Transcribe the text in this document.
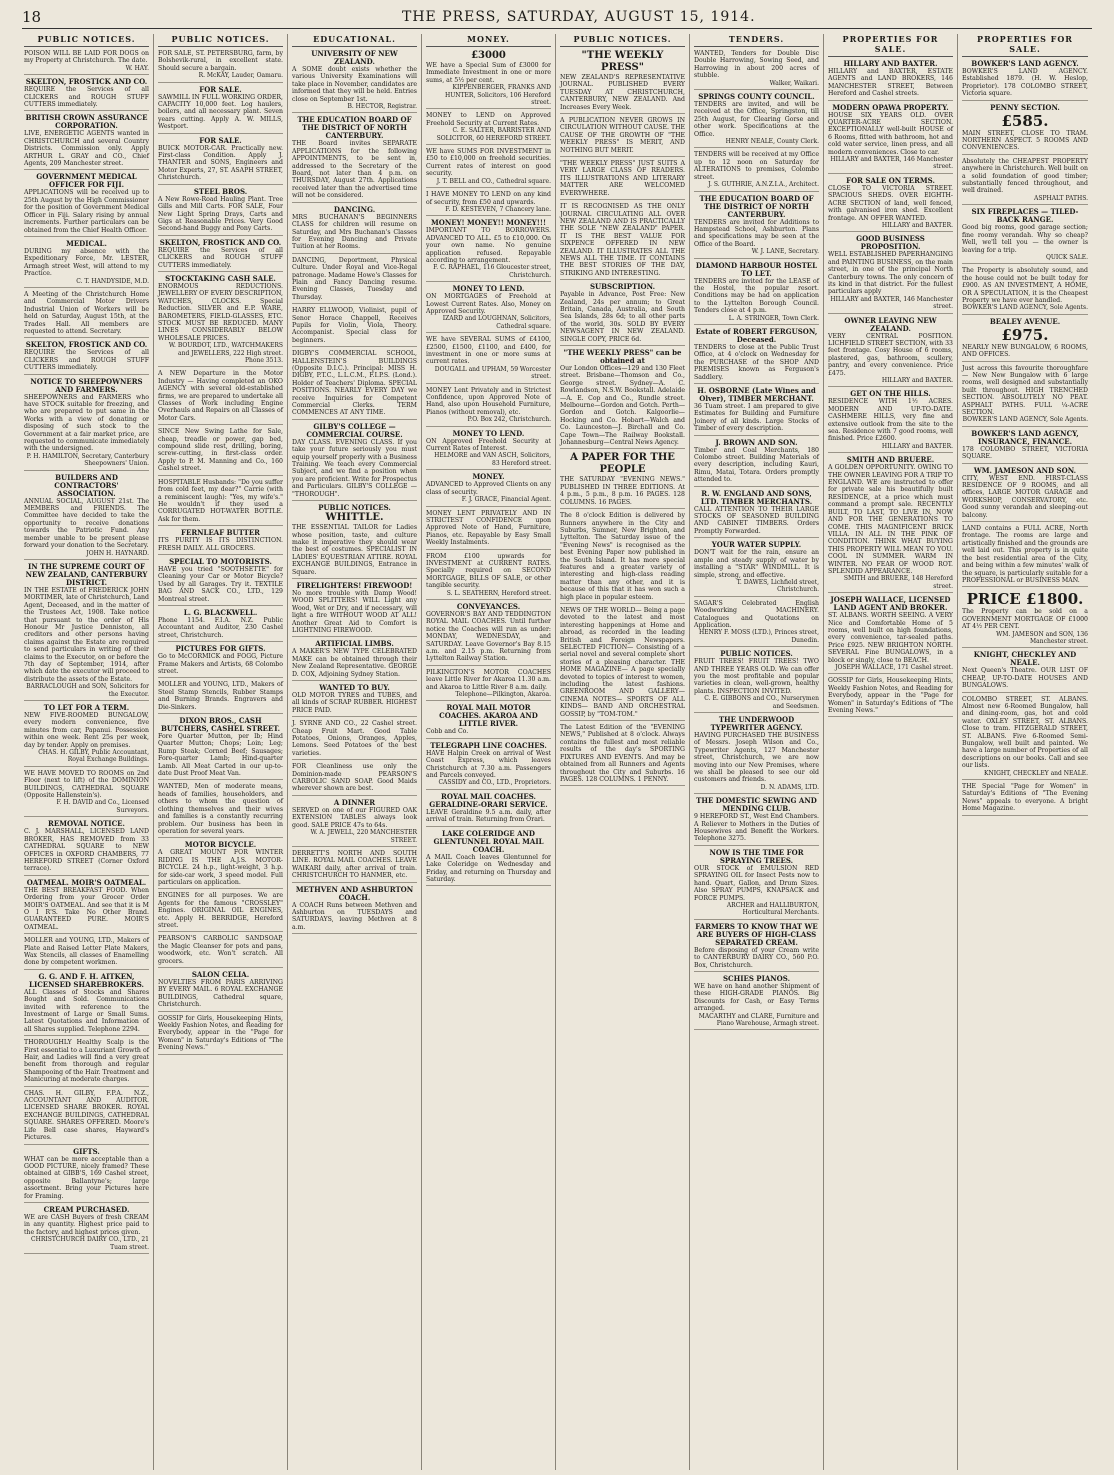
18	THE PRESS, SATURDAY, AUGUST 15, 1914.
PUBLIC NOTICES.
POISON WILL BE LAID FOR DOGS on my Property at Christchurch. The date.
W. HAY.
SKELTON, FROSTICK AND CO.
REQUIRE the Services of all CLICKERS and ROUGH STUFF CUTTERS immediately.
BRITISH CROWN ASSURANCE CORPORATION.
LIVE, ENERGETIC AGENTS wanted in CHRISTCHURCH and several Country Districts. Commission only. Apply ARTHUR L. GRAY and CO., Chief Agents, 209 Manchester street.
GOVERNMENT MEDICAL OFFICER FOR FIJI.
APPLICATIONS will be received up to 25th August by the High Commissioner for the position of Government Medical Officer in Fiji. Salary rising by annual increments. Further particulars can be obtained from the Chief Health Officer.
MEDICAL.
DURING my absence with the Expeditionary Force, Mr. LESTER, Armagh street West, will attend to my Practice.
C. T. HANDYSIDE, M.D.
A Meeting of the Christchurch Home and Commercial Motor Drivers Industrial Union of Workers will be held on Saturday, August 15th, at the Trades Hall. All members are requested to attend. Secretary.
SKELTON, FROSTICK AND CO.
REQUIRE the Services of all CLICKERS and ROUGH STUFF CUTTERS immediately.
NOTICE TO SHEEPOWNERS AND FARMERS.
SHEEPOWNERS and FARMERS who have STOCK suitable for freezing, and who are prepared to put same in the Works with a view of donating or disposing of such stock to the Government at a fair market price, are requested to communicate immediately with the undersigned.
P. H. HAMILTON, Secretary, Canterbury Sheepowners' Union.
BUILDERS AND CONTRACTORS' ASSOCIATION.
ANNUAL SOCIAL, AUGUST 21st. The MEMBERS and FRIENDS. The Committee have decided to take the opportunity to receive donations towards the Patriotic Fund. Any member unable to be present please forward your donation to the Secretary.
JOHN H. HAYNARD.
IN THE SUPREME COURT OF NEW ZEALAND, CANTERBURY DISTRICT.
IN THE ESTATE of FREDERICK JOHN MORTIMER, late of Christchurch, Land Agent, Deceased, and in the matter of the Trustees Act, 1908. Take notice that pursuant to the order of His Honour Mr Justice Denniston, all creditors and other persons having claims against the Estate are required to send particulars in writing of their claims to the Executor, on or before the 7th day of September, 1914, after which date the executor will proceed to distribute the assets of the Estate.
BARRACLOUGH and SON, Solicitors for the Executor.
TO LET FOR A TERM.
NEW FIVE-ROOMED BUNGALOW, every modern convenience, five minutes from car, Papanui. Possession within one week. Rent 25s per week, day by tender. Apply on premises.
CHAS. H. GILBY, Public Accountant, Royal Exchange Buildings.
WE HAVE MOVED TO ROOMS on 2nd Floor (next to lift) of the DOMINION BUILDINGS, CATHEDRAL SQUARE (Opposite Hallenstein's).
F. H. DAVID and Co., Licensed Surveyors.
REMOVAL NOTICE.
C. J. MARSHALL, LICENSED LAND BROKER, HAS REMOVED from 33 CATHEDRAL SQUARE to NEW OFFICES in OXFORD CHAMBERS, 77 HEREFORD STREET (Corner Oxford terrace).
OATMEAL. MOIR'S OATMEAL.
THE BEST BREAKFAST FOOD. When Ordering from your Grocer Order MOIR'S OATMEAL. And see that it is M O I R'S. Take No Other Brand. GUARANTEED PURE. MOIR'S OATMEAL.
MOLLER and YOUNG, LTD., Makers of Plate and Raised Letter Plate Makers, Wax Stencils, all classes of Enamelling done by competent workmen.
G. G. AND F. H. AITKEN, LICENSED SHAREBROKERS.
ALL Classes of Stocks and Shares Bought and Sold. Communications invited with reference to the Investment of Large or Small Sums. Latest Quotations and Information of all Shares supplied. Telephone 2294.
THOROUGHLY Healthy Scalp is the First essential to a Luxuriant Growth of Hair, and Ladies will find a very great benefit from thorough and regular Shampooing of the Hair. Treatment and Manicuring at moderate charges.
CHAS. H. GILBY, F.P.A. N.Z., ACCOUNTANT AND AUDITOR. LICENSED SHARE BROKER. ROYAL EXCHANGE BUILDINGS, CATHEDRAL SQUARE. SHARES OFFERED. Moore's Life Bell case shares, Hayward's Pictures.
GIFTS.
WHAT can be more acceptable than a GOOD PICTURE, nicely framed? These obtained at GIBB'S, 169 Cashel street, opposite Ballantyne's; large assortment. Bring your Pictures here for Framing.
CREAM PURCHASED.
WE are CASH Buyers of fresh CREAM in any quantity. Highest price paid to the factory, and highest prices given.
CHRISTCHURCH DAIRY CO., LTD., 21 Tuam street.
PUBLIC NOTICES.
FOR SALE, ST. PETERSBURG, farm, by Bolshevik-rural, in excellent state. Should secure a bargain.
R. McKAY, Lauder, Oamaru.
FOR SALE.
SAWMILL IN FULL WORKING ORDER, CAPACITY 10,000 feet. Log haulers, boilers, and all necessary plant. Seven years cutting. Apply A. W. MILLS, Westport.
FOR SALE.
BUICK MOTOR-CAR. Practically new. First-class Condition. Apply J. THANTER and SONS, Engineers and Motor Experts, 27, ST. ASAPH STREET, Christchurch.
STEEL BROS.
A New Rowe-Road Hauling Plant. Tree Gills and Mill Carts. FOR SALE, Four New Light Spring Drays, Carts and Gigs at Reasonable Prices. Very Good Second-hand Buggy and Pony Carts.
SKELTON, FROSTICK AND CO.
REQUIRE the Services of all CLICKERS and ROUGH STUFF CUTTERS immediately.
STOCKTAKING CASH SALE.
ENORMOUS REDUCTIONS. JEWELLERY OF EVERY DESCRIPTION, WATCHES, CLOCKS. Special Reduction. SILVER and E.P. WARE, BAROMETERS, FIELD-GLASSES, ETC. STOCK MUST BE REDUCED. MANY LINES CONSIDERABLY BELOW WHOLESALE PRICES.
W. BOURDOT, LTD., WATCHMAKERS and JEWELLERS, 222 High street. Phone 3513.
A NEW Departure in the Motor Industry — Having completed an OKO AGENCY with several old-established firms, we are prepared to undertake all Classes of Work including Engine Overhauls and Repairs on all Classes of Motor Cars.
SINCE New Swing Lathe for Sale, cheap, treadle or power, gap bed, compound slide rest, drilling, boring, screw-cutting, in first-class order. Apply to P. M. Manning and Co., 160 Cashel street.
HOSPITABLE Husbands: "Do you suffer from cold feet, my dear?" Carrie (with a reminiscent laugh): "Yes, my wife's." He wouldn't if they used a CORRUGATED HOT-WATER BOTTLE. Ask for them.
FERNLEAF BUTTER
ITS PURITY IS ITS DISTINCTION. FRESH DAILY. ALL GROCERS.
SPECIAL TO MOTORISTS.
HAVE you tried "SOOTHSETTE" for Cleaning your Car or Motor Bicycle? Used by all Garages. Try it. TEXTILE BAG AND SACK CO., LTD., 129 Montreal street.
L. G. BLACKWELL.
Phone 1154. F.I.A. N.Z. Public Accountant and Auditor, 230 Cashel street, Christchurch.
PICTURES FOR GIFTS.
Go to McCORMICK and FOGG, Picture Frame Makers and Artists, 68 Colombo street.
MOLLER and YOUNG, LTD., Makers of Steel Stamp Stencils, Rubber Stamps and Burning Brands. Engravers and Die-Sinkers.
DIXON BROS., CASH BUTCHERS, CASHEL STREET.
Fore Quarter Mutton, per lb; Hind Quarter Mutton; Chops; Loin; Leg; Rump Steak; Corned Beef; Sausages; Fore-quarter Lamb; Hind-quarter Lamb. All Meat Carted in our up-to-date Dust Proof Meat Van.
WANTED, Men of moderate means, heads of families, householders, and others to whom the question of clothing themselves and their wives and families is a constantly recurring problem. Our business has been in operation for several years.
MOTOR BICYCLE.
A GREAT MOUNT FOR WINTER RIDING IS THE A.J.S. MOTOR-BICYCLE. 24 h.p., light-weight, 3 h.p. for side-car work, 3 speed model. Full particulars on application.
ENGINES for all purposes. We are Agents for the famous "CROSSLEY" Engines. ORIGINAL OIL ENGINES, etc. Apply H. BERRIDGE, Hereford street.
PEARSON'S CARBOLIC SANDSOAP, the Magic Cleanser for pots and pans, woodwork, etc. Won't scratch. All grocers.
SALON CELIA.
NOVELTIES FROM PARIS ARRIVING BY EVERY MAIL. 6 ROYAL EXCHANGE BUILDINGS, Cathedral square, Christchurch.
GOSSIP for Girls, Housekeeping Hints, Weekly Fashion Notes, and Reading for Everybody, appear in the "Page for Women" in Saturday's Editions of "The Evening News."
EDUCATIONAL.
UNIVERSITY OF NEW ZEALAND.
A SOME doubt exists whether the various University Examinations will take place in November, candidates are informed that they will be held. Entries close on September 1st.
B. HECTOR, Registrar.
THE EDUCATION BOARD OF THE DISTRICT OF NORTH CANTERBURY.
THE Board invites SEPARATE APPLICATIONS for the following APPOINTMENTS, to be sent in, addressed to the Secretary of the Board, not later than 4 p.m. on THURSDAY, August 27th. Applications received later than the advertised time will not be considered.
DANCING.
MRS BUCHANAN'S BEGINNERS CLASS for children will resume on Saturday, and Mrs Buchanan's Classes for Evening Dancing and Private Tuition at her Rooms.
DANCING, Deportment, Physical Culture. Under Royal and Vice-Regal patronage. Madame Howe's Classes for Plain and Fancy Dancing resume. Evening Classes, Tuesday and Thursday.
HARRY ELLWOOD, Violinist, pupil of Senor Horace Chappell, Receives Pupils for Violin, Viola, Theory. Accompanist. Special class for beginners.
DIGBY'S COMMERCIAL SCHOOL, HALLENSTEIN'S BUILDINGS (Opposite D.I.C.). Principal: MISS H. DIGBY, P.T.C., L.L.C.M., F.I.P.S. (Lond.). Holder of Teachers' Diploma. SPECIAL POSITIONS. NEARLY EVERY DAY we receive Inquiries for Competent Commercial Clerks. TERM COMMENCES AT ANY TIME.
GILBY'S COLLEGE — COMMERCIAL COURSE.
DAY CLASS. EVENING CLASS. If you take your future seriously you must equip yourself properly with a Business Training. We teach every Commercial Subject, and we find a position when you are proficient. Write for Prospectus and Particulars. GILBY'S COLLEGE — "THOROUGH".
PUBLIC NOTICES.
WHITTLE.
THE ESSENTIAL TAILOR for Ladies whose position, taste, and culture make it imperative they should wear the best of costumes. SPECIALIST IN LADIES' EQUESTRIAN ATTIRE. ROYAL EXCHANGE BUILDINGS, Entrance in Square.
FIRELIGHTERS! FIREWOOD!
No more trouble with Damp Wood! WOOD SPLITTERS! WILL Light any Wood, Wet or Dry, and if necessary, will light a fire WITHOUT WOOD AT ALL! Another Great Aid to Comfort is LIGHTNING FIREWOOD.
ARTIFICIAL LIMBS.
A MAKER'S NEW TYPE CELEBRATED MAKE can be obtained through their New Zealand Representative. GEORGE D. COX, Adjoining Sydney Station.
WANTED TO BUY.
OLD MOTOR TYRES and TUBES, and all kinds of SCRAP RUBBER. HIGHEST PRICE PAID.
J. SYRNE AND CO., 22 Cashel street. Cheap Fruit Mart. Good Table Potatoes, Onions, Oranges, Apples, Lemons. Seed Potatoes of the best varieties.
FOR Cleanliness use only the Dominion-made PEARSON'S CARBOLIC SAND SOAP. Good Maids wherever shown are best.
A DINNER
SERVED on one of our FIGURED OAK EXTENSION TABLES always look good. SALE PRICE 47s to 64s.
W. A. JEWELL, 220 MANCHESTER STREET.
DERRETT'S NORTH AND SOUTH LINE. ROYAL MAIL COACHES. LEAVE WAIKARI daily, after arrival of train. CHRISTCHURCH TO HANMER, etc.
METHVEN AND ASHBURTON COACH.
A COACH Runs between Methven and Ashburton on TUESDAYS and SATURDAYS, leaving Methven at 8 a.m.
MONEY.
£3000
WE have a Special Sum of £3000 for Immediate Investment in one or more sums, at 5½ per cent.
KIPPENBERGER, FRANKS AND HUNTER, Solicitors, 106 Hereford street.
MONEY to LEND on Approved Freehold Security at Current Rates.
C. E. SALTER, BARRISTER AND SOLICITOR, 60 HEREFORD STREET.
WE have SUMS FOR INVESTMENT in £50 to £10,000 on freehold securities. Current rates of interest on good security.
J. T. BELL and CO., Cathedral square.
I HAVE MONEY TO LEND on any kind of security, from £50 and upwards.
F. D. KESTEVEN, 7 Chancery lane.
MONEY! MONEY!! MONEY!!!
IMPORTANT TO BORROWERS. ADVANCED TO ALL. £5 to £10,000. On your own name. No genuine application refused. Repayable according to arrangement.
F. C. RAPHAEL, 116 Gloucester street, Christchurch.
MONEY TO LEND.
ON MORTGAGES of Freehold at Lowest Current Rates. Also, Money on Approved Security.
IZARD and LOUGHNAN, Solicitors, Cathedral square.
WE have SEVERAL SUMS of £4100, £2500, £1500, £1100, and £400, for investment in one or more sums at current rates.
DOUGALL and UPHAM, 59 Worcester street.
MONEY Lent Privately and in Strictest Confidence, upon Approved Note of Hand, also upon Household Furniture, Pianos (without removal), etc.
P.O. Box 242, Christchurch.
MONEY TO LEND.
ON Approved Freehold Security at Current Rates of Interest.
HELMORE and VAN ASCH, Solicitors, 83 Hereford street.
MONEY.
ADVANCED to Approved Clients on any class of security.
F. J. GRACE, Financial Agent.
MONEY LENT PRIVATELY AND IN STRICTEST CONFIDENCE upon Approved Note of Hand, Furniture, Pianos, etc. Repayable by Easy Small Weekly Instalments.
FROM £100 upwards for INVESTMENT at CURRENT RATES. Specially required on SECOND MORTGAGE, BILLS OF SALE, or other tangible security.
S. L. SEATHERN, Hereford street.
CONVEYANCES.
GOVERNOR'S BAY AND TEDDINGTON ROYAL MAIL COACHES. Until further notice the Coaches will run as under: MONDAY, WEDNESDAY, and SATURDAY. Leave Governor's Bay 8.15 a.m. and 2.15 p.m. Returning from Lyttelton Railway Station.
PILKINGTON'S MOTOR COACHES leave Little River for Akaroa 11.30 a.m. and Akaroa to Little River 8 a.m. daily.
Telephone—Pilkington, Akaroa.
ROYAL MAIL MOTOR COACHES. AKAROA AND LITTLE RIVER.
Cobb and Co.
TELEGRAPH LINE COACHES.
HAVE Halpin Creek on arrival of West Coast Express, which leaves Christchurch at 7.30 a.m. Passengers and Parcels conveyed.
CASSIDY and CO., LTD., Proprietors.
ROYAL MAIL COACHES. GERALDINE-ORARI SERVICE.
LEAVE Geraldine 9.5 a.m. daily, after arrival of train. Returning from Orari.
LAKE COLERIDGE AND GLENTUNNEL ROYAL MAIL COACH.
A MAIL Coach leaves Glentunnel for Lake Coleridge on Wednesday and Friday, and returning on Thursday and Saturday.
PUBLIC NOTICES.
"THE WEEKLY PRESS"
NEW ZEALAND'S REPRESENTATIVE JOURNAL. PUBLISHED EVERY TUESDAY AT CHRISTCHURCH, CANTERBURY, NEW ZEALAND. And Increases Every Week.
A PUBLICATION NEVER GROWS IN CIRCULATION WITHOUT CAUSE. THE CAUSE OF THE GROWTH OF "THE WEEKLY PRESS" IS MERIT, AND NOTHING BUT MERIT.
"THE WEEKLY PRESS" JUST SUITS A VERY LARGE CLASS OF READERS. ITS ILLUSTRATIONS AND LITERARY MATTER ARE WELCOMED EVERYWHERE.
IT IS RECOGNISED AS THE ONLY JOURNAL CIRCULATING ALL OVER NEW ZEALAND AND IS PRACTICALLY THE SOLE "NEW ZEALAND" PAPER. IT IS THE BEST VALUE FOR SIXPENCE OFFERED IN NEW ZEALAND. IT ILLUSTRATES ALL THE NEWS ALL THE TIME. IT CONTAINS THE BEST STORIES OF THE DAY, STRIKING AND INTERESTING.
SUBSCRIPTION.
Payable in Advance, Post Free: New Zealand, 24s per annum; to Great Britain, Canada, Australia, and South Sea Islands, 28s 6d; to all other parts of the world, 30s. SOLD BY EVERY NEWSAGENT IN NEW ZEALAND. SINGLE COPY, PRICE 6d.
"THE WEEKLY PRESS" can be obtained at
Our London Offices—129 and 130 Fleet street. Brisbane—Thomson and Co., George street. Sydney—A. C. Rowlandson, N.S.W. Bookstall. Adelaide—A. E. Cop and Co., Rundle street. Melbourne—Gordon and Gotch. Perth—Gordon and Gotch. Kalgoorlie—Hocking and Co. Hobart—Walch and Co. Launceston—J. Birchall and Co. Cape Town—The Railway Bookstall. Johannesburg—Central News Agency.
A PAPER FOR THE PEOPLE
THE SATURDAY "EVENING NEWS." PUBLISHED IN THREE EDITIONS. At 4 p.m., 5 p.m., 8 p.m. 16 PAGES. 128 COLUMNS. 16 PAGES.
The 8 o'clock Edition is delivered by Runners anywhere in the City and Suburbs, Sumner, New Brighton, and Lyttelton. The Saturday issue of the "Evening News" is recognised as the best Evening Paper now published in the South Island. It has more special features and a greater variety of interesting and high-class reading matter than any other, and it is because of this that it has won such a high place in popular esteem.
NEWS OF THE WORLD— Being a page devoted to the latest and most interesting happenings at Home and abroad, as recorded in the leading British and Foreign Newspapers. SELECTED FICTION— Consisting of a serial novel and several complete short stories of a pleasing character. THE HOME MAGAZINE— A page specially devoted to topics of interest to women, including the latest fashions. GREENROOM AND GALLERY— CINEMA NOTES— SPORTS OF ALL KINDS— BAND AND ORCHESTRAL GOSSIP, by "TOM-TOM."
The Latest Edition of the "EVENING NEWS," Published at 8 o'clock. Always contains the fullest and most reliable results of the day's SPORTING FIXTURES AND EVENTS. And may be obtained from all Runners and Agents throughout the City and Suburbs. 16 PAGES. 128 COLUMNS. 1 PENNY.
TENDERS.
WANTED, Tenders for Double Disc Double Harrowing, Sowing Seed, and Harrowing in about 200 acres of stubble.
Walker, Waikari.
SPRINGS COUNTY COUNCIL.
TENDERS are invited, and will be received at the Office, Springston, till 25th August, for Clearing Gorse and other work. Specifications at the Office.
HENRY NEALE, County Clerk.
TENDERS will be received at my Office up to 12 noon on Saturday for ALTERATIONS to premises, Colombo street.
J. S. GUTHRIE, A.N.Z.I.A., Architect.
THE EDUCATION BOARD OF THE DISTRICT OF NORTH CANTERBURY.
TENDERS are invited for Additions to Hampstead School, Ashburton. Plans and specifications may be seen at the Office of the Board.
W. J. LANE, Secretary.
DIAMOND HARBOUR HOSTEL TO LET.
TENDERS are invited for the LEASE of the Hostel, the popular resort. Conditions may be had on application to the Lyttelton Borough Council. Tenders close at 4 p.m.
L. A. STRINGER, Town Clerk.
Estate of ROBERT FERGUSON, Deceased.
TENDERS to close at the Public Trust Office, at 4 o'clock on Wednesday for the PURCHASE of the SHOP AND PREMISES known as Ferguson's Saddlery.
H. OSBORNE (Late Wines and Olver), TIMBER MERCHANT.
36 Tuam street. I am prepared to give Estimates for Building and Furniture Joinery of all kinds. Large Stocks of Timber of every description.
J. BROWN AND SON.
Timber and Coal Merchants, 180 Colombo street. Building Materials of every description, including Kauri, Rimu, Matai, Totara. Orders promptly attended to.
R. W. ENGLAND AND SONS, LTD. TIMBER MERCHANTS.
CALL ATTENTION TO THEIR LARGE STOCKS OF SEASONED BUILDING AND CABINET TIMBERS. Orders Promptly Forwarded.
YOUR WATER SUPPLY.
DON'T wait for the rain, ensure an ample and steady supply of water by installing a "STAR" WINDMILL. It is simple, strong, and effective.
T. DAWES, Lichfield street, Christchurch.
SAGAR'S Celebrated English Woodworking MACHINERY. Catalogues and Quotations on Application.
HENRY F. MOSS (LTD.), Princes street, Dunedin.
PUBLIC NOTICES.
FRUIT TREES! FRUIT TREES! TWO AND THREE YEARS OLD. We can offer you the most profitable and popular varieties in clean, well-grown, healthy plants. INSPECTION INVITED.
C. E. GIBBONS and CO., Nurserymen and Seedsmen.
THE UNDERWOOD TYPEWRITER AGENCY.
HAVING PURCHASED THE BUSINESS of Messrs. Joseph Wilson and Co., Typewriter Agents, 127 Manchester street, Christchurch, we are now moving into our New Premises, where we shall be pleased to see our old customers and friends.
D. N. ADAMS, LTD.
THE DOMESTIC SEWING AND MENDING CLUB.
9 HEREFORD ST., West End Chambers. A Reliever to Mothers in the Duties of Housewives and Benefit the Workers. Telephone 3275.
NOW IS THE TIME FOR SPRAYING TREES.
OUR STOCK of EMULSION RED SPRAYING OIL for Insect Pests now to hand. Quart, Gallon, and Drum Sizes. Also SPRAY PUMPS, KNAPSACK and FORCE PUMPS.
ARCHER and HALLIBURTON, Horticultural Merchants.
FARMERS TO KNOW THAT WE ARE BUYERS OF HIGH-CLASS SEPARATED CREAM.
Before disposing of your Cream write to CANTERBURY DAIRY CO., 560 P.O. Box, Christchurch.
SCHIES PIANOS.
WE have on hand another Shipment of these HIGH-GRADE PIANOS. Big Discounts for Cash, or Easy Terms arranged.
MACARTHY and CLARE, Furniture and Piano Warehouse, Armagh street.
PROPERTIES FOR SALE.
HILLARY AND BAXTER.
HILLARY and BAXTER, ESTATE AGENTS and LAND BROKERS, 146 MANCHESTER STREET, Between Hereford and Cashel streets.
MODERN OPAWA PROPERTY.
HOUSE SIX YEARS OLD. OVER QUARTER-ACRE SECTION. EXCEPTIONALLY well-built HOUSE of 6 Rooms, fitted with bathroom, hot and cold water service, linen press, and all modern conveniences. Close to car.
HILLARY and BAXTER, 146 Manchester street.
FOR SALE ON TERMS.
CLOSE TO VICTORIA STREET. SPACIOUS SHEDS. OVER EIGHTH-ACRE SECTION of land, well fenced, with galvanised iron shed. Excellent frontage. AN OFFER WANTED.
HILLARY and BAXTER.
GOOD BUSINESS PROPOSITION.
WELL ESTABLISHED PAPERHANGING and PAINTING BUSINESS, on the main street, in one of the principal North Canterbury towns. The only concern of its kind in that district. For the fullest particulars apply
HILLARY and BAXTER, 146 Manchester street.
OWNER LEAVING NEW ZEALAND.
VERY CENTRAL POSITION. LICHFIELD STREET SECTION, with 33 feet frontage. Cosy House of 6 rooms, plastered, gas, bathroom, scullery, pantry, and every convenience. Price £475.
HILLARY and BAXTER.
GET ON THE HILLS.
RESIDENCE WITH 1½ ACRES. MODERN AND UP-TO-DATE. CASHMERE HILLS, very fine and extensive outlook from the site to the sea. Residence with 7 good rooms, well finished. Price £2600.
HILLARY and BAXTER.
SMITH AND BRUERE.
A GOLDEN OPPORTUNITY. OWING TO THE OWNER LEAVING FOR A TRIP TO ENGLAND. WE are instructed to offer for private sale his beautifully built RESIDENCE, at a price which must command a prompt sale. RECENTLY BUILT, TO LAST, TO LIVE IN, NOW AND FOR THE GENERATIONS TO COME. THIS MAGNIFICENT BRICK VILLA. IN ALL IN THE PINK OF CONDITION. THINK WHAT BUYING THIS PROPERTY WILL MEAN TO YOU. COOL IN SUMMER. WARM IN WINTER. NO FEAR OF WOOD ROT. SPLENDID APPEARANCE.
SMITH and BRUERE, 148 Hereford street.
JOSEPH WALLACE, LICENSED LAND AGENT AND BROKER.
ST. ALBANS. WORTH SEEING. A VERY Nice and Comfortable Home of 5 rooms, well built on high foundations, every convenience, tar-sealed paths. Price £925. NEW BRIGHTON NORTH. SEVERAL Fine BUNGALOWS, in a block or singly, close to BEACH.
JOSEPH WALLACE, 171 Cashel street.
GOSSIP for Girls, Housekeeping Hints, Weekly Fashion Notes, and Reading for Everybody, appear in the "Page for Women" in Saturday's Editions of "The Evening News."
PROPERTIES FOR SALE.
BOWKER'S LAND AGENCY.
BOWKER'S LAND AGENCY. Established 1879. (H. W. Heslop, Proprietor). 178 COLOMBO STREET, Victoria square.
PENNY SECTION.
£585.
MAIN STREET, CLOSE TO TRAM. NORTHERN ASPECT. 5 ROOMS AND CONVENIENCES.
Absolutely the CHEAPEST PROPERTY anywhere in Christchurch. Well built on a solid foundation of good timber; substantially fenced throughout, and well drained.
ASPHALT PATHS.
SIX FIREPLACES — TILED-BACK RANGE.
Good big rooms, good garage section; fine roomy verandah. Why so cheap? Well, we'll tell you — the owner is leaving for a trip.
QUICK SALE.
The Property is absolutely sound, and the house could not be built today for £900. AS AN INVESTMENT, A HOME, OR A SPECULATION, it is the Cheapest Property we have ever handled.
BOWKER'S LAND AGENCY, Sole Agents.
BEALEY AVENUE.
£975.
NEARLY NEW BUNGALOW, 6 ROOMS, AND OFFICES.
Just across this favourite thoroughfare — New New Bungalow with 6 large rooms, well designed and substantially built throughout. HIGH TRENCHED SECTION. ABSOLUTELY NO PEAT. ASPHALT PATHS. FULL ¼-ACRE SECTION.
BOWKER'S LAND AGENCY, Sole Agents.
BOWKER'S LAND AGENCY, INSURANCE, FINANCE.
178 COLOMBO STREET, VICTORIA SQUARE.
WM. JAMESON AND SON.
CITY, WEST END. FIRST-CLASS RESIDENCE OF 9 ROOMS, and all offices, LARGE MOTOR GARAGE and WORKSHOP, CONSERVATORY, etc. Good sunny verandah and sleeping-out balcony.
LAND contains a FULL ACRE, North frontage. The rooms are large and artistically finished and the grounds are well laid out. This property is in quite the best residential area of the City, and being within a few minutes' walk of the square, is particularly suitable for a PROFESSIONAL or BUSINESS MAN.
PRICE £1800.
The Property can be sold on a GOVERNMENT MORTGAGE OF £1000 AT 4½ PER CENT.
WM. JAMESON and SON, 136 Manchester street.
KNIGHT, CHECKLEY AND NEALE.
Next Queen's Theatre. OUR LIST OF CHEAP, UP-TO-DATE HOUSES AND BUNGALOWS.
COLOMBO STREET, ST. ALBANS. Almost new 6-Roomed Bungalow, hall and dining-room, gas, hot and cold water. OXLEY STREET, ST. ALBANS. Close to tram. FITZGERALD STREET, ST. ALBANS. Five 6-Roomed Semi-Bungalow, well built and painted. We have a large number of Properties of all descriptions on our books. Call and see our lists.
KNIGHT, CHECKLEY and NEALE.
THE Special "Page for Women" in Saturday's Editions of "The Evening News" appeals to everyone. A bright Home Magazine.
